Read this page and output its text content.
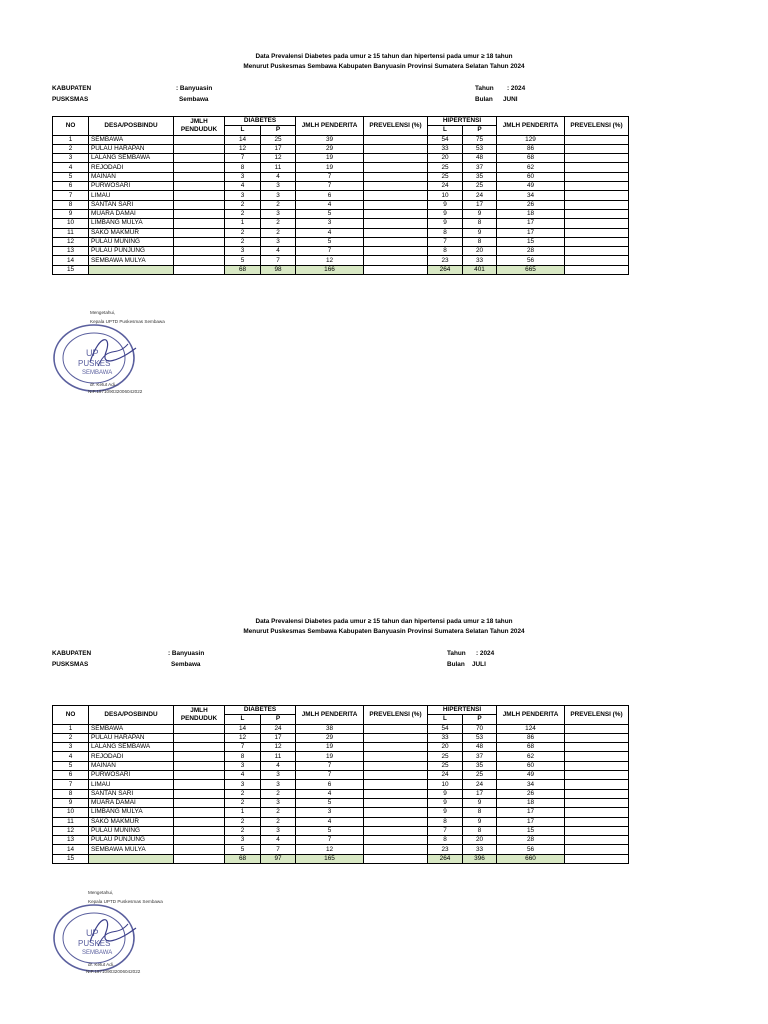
Data Prevalensi Diabetes pada umur ≥ 15 tahun dan hipertensi pada umur ≥ 18 tahun
Menurut Puskesmas Sembawa Kabupaten Banyuasin Provinsi Sumatera Selatan Tahun 2024
KABUPATEN	: Banyuasin
PUSKSMAS	Sembawa
Tahun : 2024
Bulan JUNI
NO	DESA/POSBINDU	JMLH
PENDUDUK	DIABETES		JMLH PENDERITA	PREVELENSI (%)	HIPERTENSI		JMLH PENDERITA	PREVELENSI (%)
			L	P			L	P		
1	SEMBAWA		14	25	39		54	75	129	
2	PULAU HARAPAN		12	17	29		33	53	86	
3	LALANG SEMBAWA		7	12	19		20	48	68	
4	REJODADI		8	11	19		25	37	62	
5	MAINAN		3	4	7		25	35	60	
6	PURWOSARI		4	3	7		24	25	49	
7	LIMAU		3	3	6		10	24	34	
8	SANTAN SARI		2	2	4		9	17	26	
9	MUARA DAMAI		2	3	5		9	9	18	
10	LIMBANG MULYA		1	2	3		9	8	17	
11	SAKO MAKMUR		2	2	4		8	9	17	
12	PULAU MUNING		2	3	5		7	8	15	
13	PULAU PUNJUNG		3	4	7		8	20	28	
14	SEMBAWA MULYA		5	7	12		23	33	56	
15			68	98	166		264	401	665	
Mengetahui,
Kepala UPTD Puskesmas Sembawa
UP
PUSKES
SEMBAWA
dr. Ketut Adi...
NIP.197109032006042022
Data Prevalensi Diabetes pada umur ≥ 15 tahun dan hipertensi pada umur ≥ 18 tahun
Menurut Puskesmas Sembawa Kabupaten Banyuasin Provinsi Sumatera Selatan Tahun 2024
KABUPATEN	: Banyuasin
PUSKSMAS	Sembawa
Tahun : 2024
Bulan JULI
NO	DESA/POSBINDU	JMLH
PENDUDUK	DIABETES		JMLH PENDERITA	PREVELENSI (%)	HIPERTENSI		JMLH PENDERITA	PREVELENSI (%)
			L	P			L	P		
1	SEMBAWA		14	24	38		54	70	124	
2	PULAU HARAPAN		12	17	29		33	53	86	
3	LALANG SEMBAWA		7	12	19		20	48	68	
4	REJODADI		8	11	19		25	37	62	
5	MAINAN		3	4	7		25	35	60	
6	PURWOSARI		4	3	7		24	25	49	
7	LIMAU		3	3	6		10	24	34	
8	SANTAN SARI		2	2	4		9	17	26	
9	MUARA DAMAI		2	3	5		9	9	18	
10	LIMBANG MULYA		1	2	3		9	8	17	
11	SAKO MAKMUR		2	2	4		8	9	17	
12	PULAU MUNING		2	3	5		7	8	15	
13	PULAU PUNJUNG		3	4	7		8	20	28	
14	SEMBAWA MULYA		5	7	12		23	33	56	
15			68	97	165		264	396	660	
Mengetahui,
Kepala UPTD Puskesmas Sembawa
UP
PUSKES
SEMBAWA
dr. Ketut Adi...
NIP.197109032006042022
